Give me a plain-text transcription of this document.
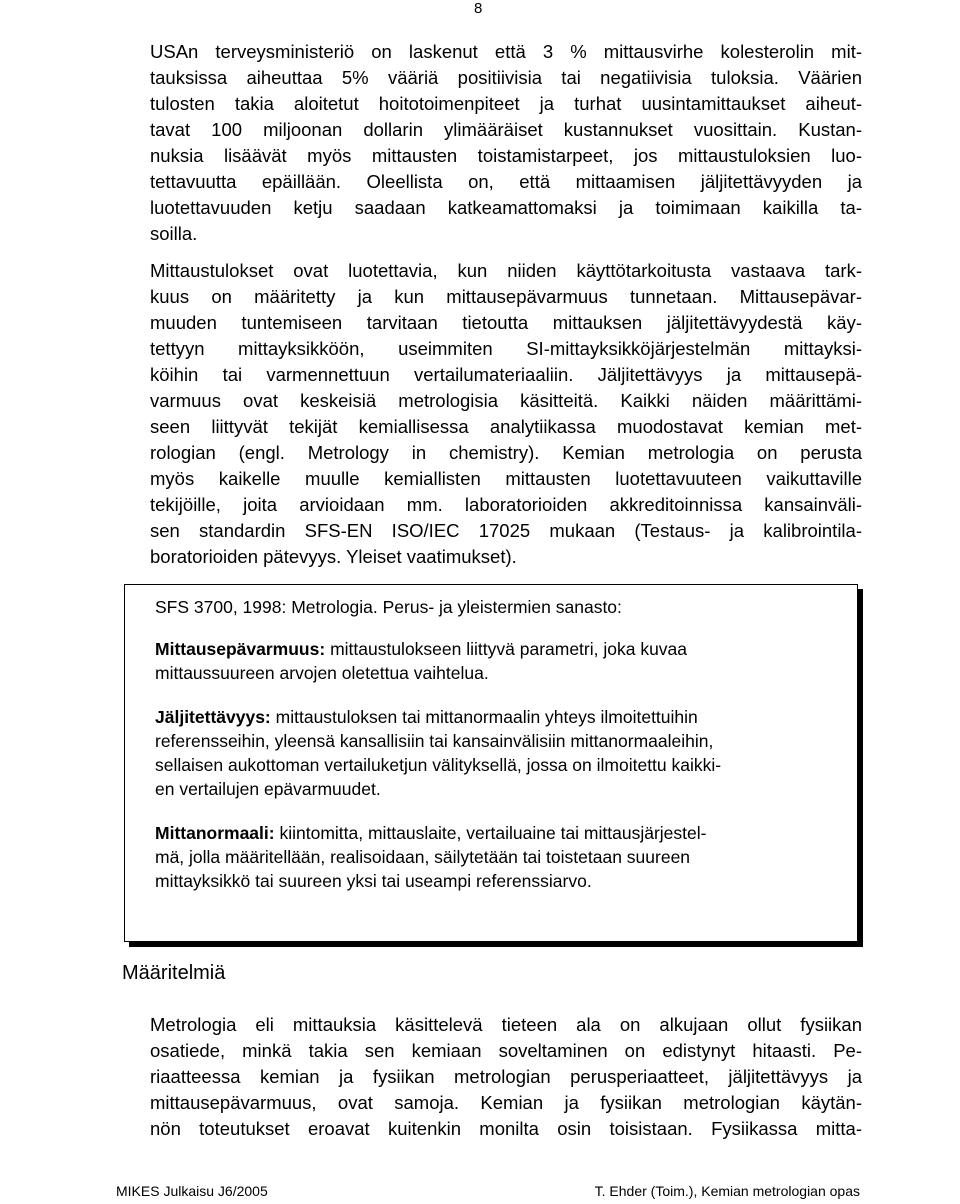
8
USAn terveysministeriö on laskenut että 3 % mittausvirhe kolesterolin mit-
tauksissa aiheuttaa 5% vääriä positiivisia tai negatiivisia tuloksia. Väärien
tulosten takia aloitetut hoitotoimenpiteet ja turhat uusintamittaukset aiheut-
tavat 100 miljoonan dollarin ylimääräiset kustannukset vuosittain. Kustan-
nuksia lisäävät myös mittausten toistamistarpeet, jos mittaustuloksien luo-
tettavuutta epäillään. Oleellista on, että mittaamisen jäljitettävyyden ja
luotettavuuden ketju saadaan katkeamattomaksi ja toimimaan kaikilla ta-
soilla.
Mittaustulokset ovat luotettavia, kun niiden käyttötarkoitusta vastaava tark-
kuus on määritetty ja kun mittausepävarmuus tunnetaan. Mittausepävar-
muuden tuntemiseen tarvitaan tietoutta mittauksen jäljitettävyydestä käy-
tettyyn mittayksikköön, useimmiten SI-mittayksikköjärjestelmän mittayksi-
köihin tai varmennettuun vertailumateriaaliin. Jäljitettävyys ja mittausepä-
varmuus ovat keskeisiä metrologisia käsitteitä. Kaikki näiden määrittämi-
seen liittyvät tekijät kemiallisessa analytiikassa muodostavat kemian met-
rologian (engl. Metrology in chemistry). Kemian metrologia on perusta
myös kaikelle muulle kemiallisten mittausten luotettavuuteen vaikuttaville
tekijöille, joita arvioidaan mm. laboratorioiden akkreditoinnissa kansainväli-
sen standardin SFS-EN ISO/IEC 17025 mukaan (Testaus- ja kalibrointila-
boratorioiden pätevyys. Yleiset vaatimukset).
SFS 3700, 1998: Metrologia. Perus- ja yleistermien sanasto:
Mittausepävarmuus: mittaustulokseen liittyvä parametri, joka kuvaa
mittaussuureen arvojen oletettua vaihtelua.
Jäljitettävyys: mittaustuloksen tai mittanormaalin yhteys ilmoitettuihin
referensseihin, yleensä kansallisiin tai kansainvälisiin mittanormaaleihin,
sellaisen aukottoman vertailuketjun välityksellä, jossa on ilmoitettu kaikki-
en vertailujen epävarmuudet.
Mittanormaali: kiintomitta, mittauslaite, vertailuaine tai mittausjärjestel-
mä, jolla määritellään, realisoidaan, säilytetään tai toistetaan suureen
mittayksikkö tai suureen yksi tai useampi referenssiarvo.
Määritelmiä
Metrologia eli mittauksia käsittelevä tieteen ala on alkujaan ollut fysiikan
osatiede, minkä takia sen kemiaan soveltaminen on edistynyt hitaasti. Pe-
riaatteessa kemian ja fysiikan metrologian perusperiaatteet, jäljitettävyys ja
mittausepävarmuus, ovat samoja. Kemian ja fysiikan metrologian käytän-
nön toteutukset eroavat kuitenkin monilta osin toisistaan. Fysiikassa mitta-
MIKES Julkaisu J6/2005	T. Ehder (Toim.), Kemian metrologian opas
